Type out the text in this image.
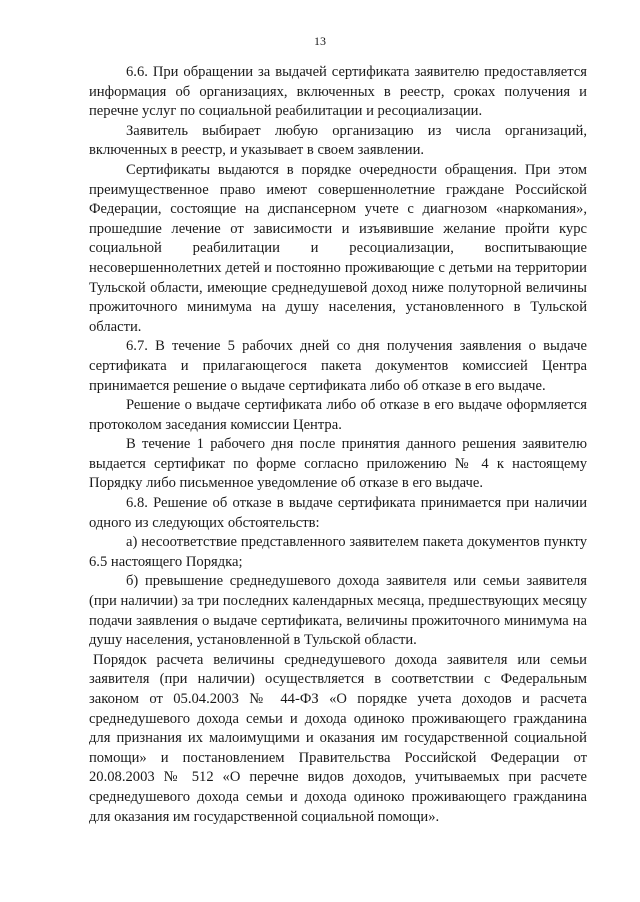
13

6.6. При обращении за выдачей сертификата заявителю предоставляется информация об организациях, включенных в реестр, сроках получения и перечне услуг по социальной реабилитации и ресоциализации.

Заявитель выбирает любую организацию из числа организаций, включенных в реестр, и указывает в своем заявлении.

Сертификаты выдаются в порядке очередности обращения. При этом преимущественное право имеют совершеннолетние граждане Российской Федерации, состоящие на диспансерном учете с диагнозом «наркомания», прошедшие лечение от зависимости и изъявившие желание пройти курс социальной реабилитации и ресоциализации, воспитывающие несовершеннолетних детей и постоянно проживающие с детьми на территории Тульской области, имеющие среднедушевой доход ниже полуторной величины прожиточного минимума на душу населения, установленного в Тульской области.

6.7. В течение 5 рабочих дней со дня получения заявления о выдаче сертификата и прилагающегося пакета документов комиссией Центра принимается решение о выдаче сертификата либо об отказе в его выдаче.

Решение о выдаче сертификата либо об отказе в его выдаче оформляется протоколом заседания комиссии Центра.

В течение 1 рабочего дня после принятия данного решения заявителю выдается сертификат по форме согласно приложению № 4 к настоящему Порядку либо письменное уведомление об отказе в его выдаче.

6.8. Решение об отказе в выдаче сертификата принимается при наличии одного из следующих обстоятельств:

а) несоответствие представленного заявителем пакета документов пункту 6.5 настоящего Порядка;

б) превышение среднедушевого дохода заявителя или семьи заявителя (при наличии) за три последних календарных месяца, предшествующих месяцу подачи заявления о выдаче сертификата, величины прожиточного минимума на душу населения, установленной в Тульской области.

Порядок расчета величины среднедушевого дохода заявителя или семьи заявителя (при наличии) осуществляется в соответствии с Федеральным законом от 05.04.2003 № 44-ФЗ «О порядке учета доходов и расчета среднедушевого дохода семьи и дохода одиноко проживающего гражданина для признания их малоимущими и оказания им государственной социальной помощи» и постановлением Правительства Российской Федерации от 20.08.2003 № 512 «О перечне видов доходов, учитываемых при расчете среднедушевого дохода семьи и дохода одиноко проживающего гражданина для оказания им государственной социальной помощи».
